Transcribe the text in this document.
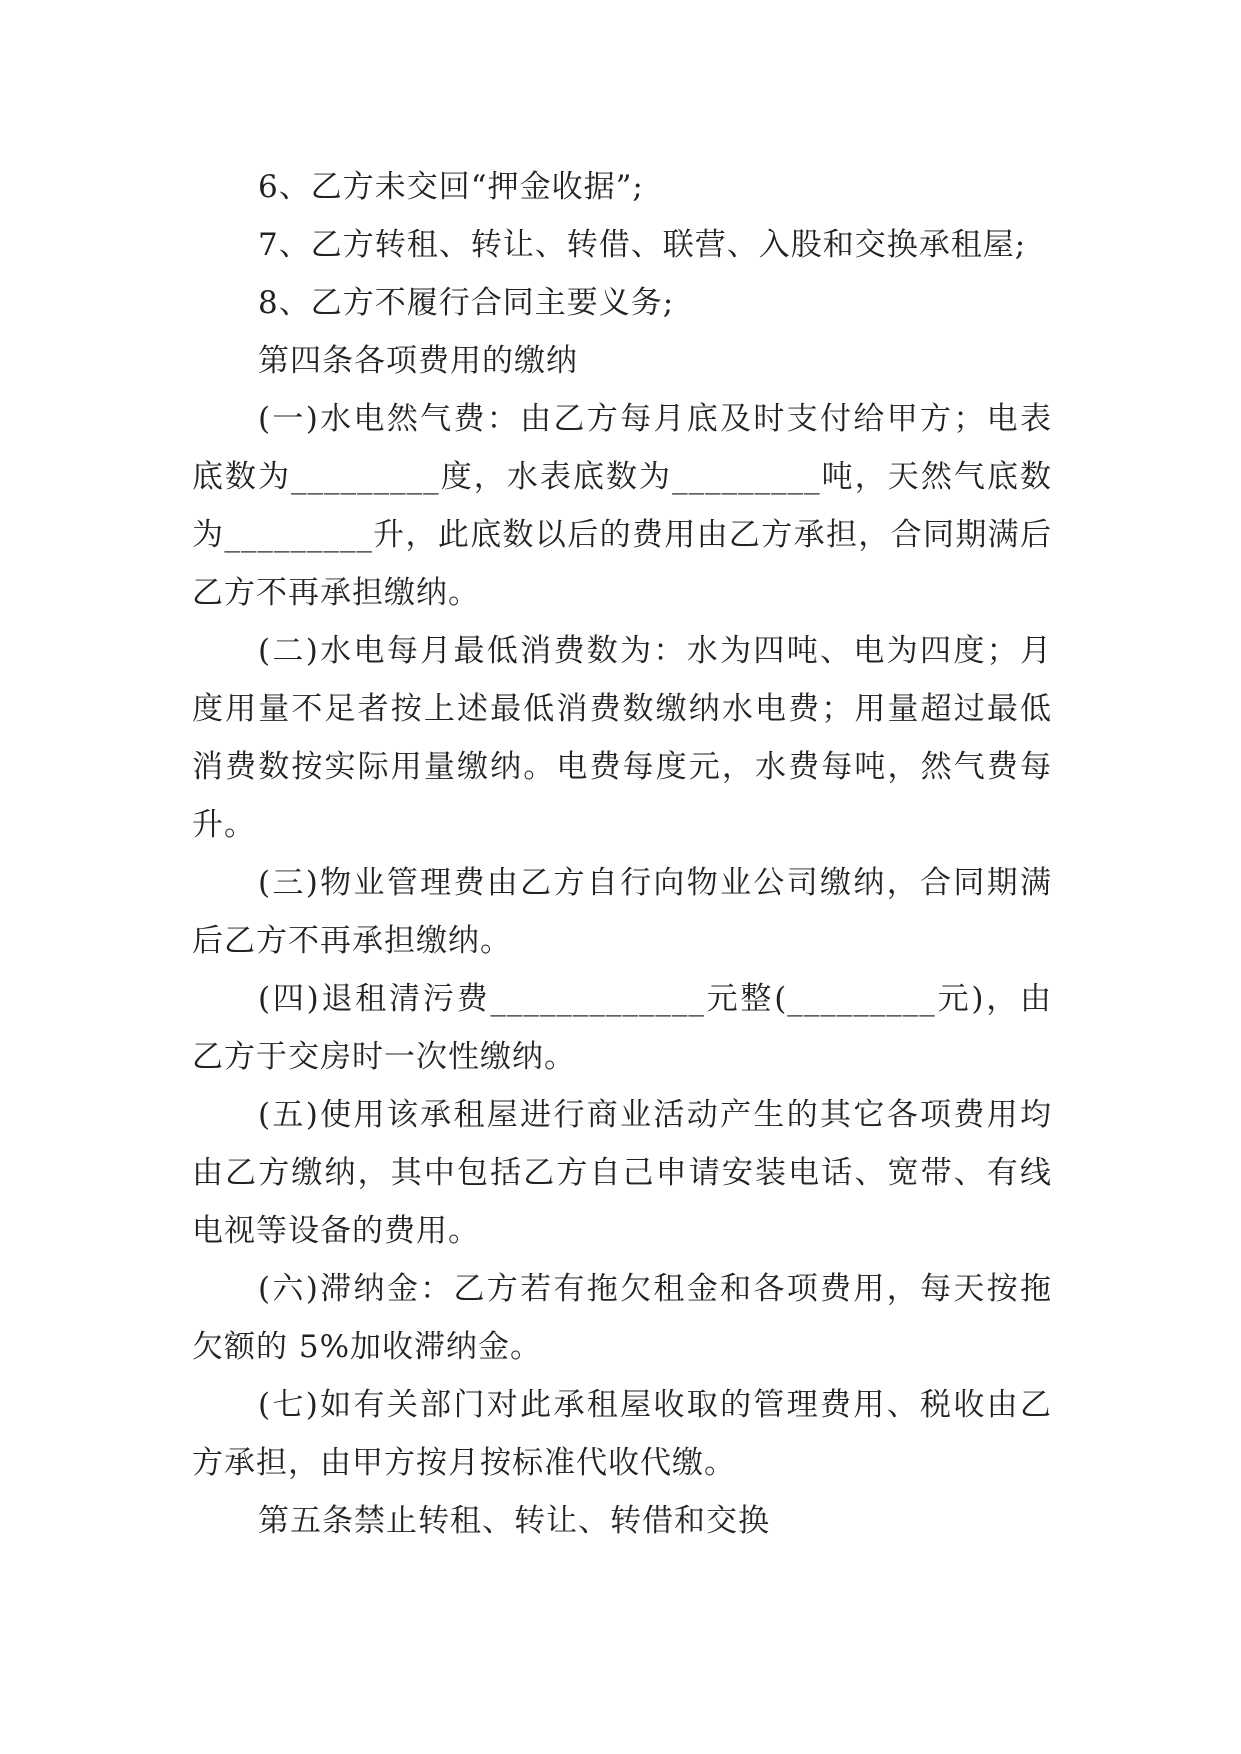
6、乙方未交回“押金收据”;

7、乙方转租、转让、转借、联营、入股和交换承租屋;

8、乙方不履行合同主要义务;

第四条各项费用的缴纳

(一)水电然气费：由乙方每月底及时支付给甲方；电表底数为_________度，水表底数为_________吨，天然气底数为_________升，此底数以后的费用由乙方承担，合同期满后乙方不再承担缴纳。

(二)水电每月最低消费数为：水为四吨、电为四度；月度用量不足者按上述最低消费数缴纳水电费；用量超过最低消费数按实际用量缴纳。电费每度元，水费每吨，然气费每升。

(三)物业管理费由乙方自行向物业公司缴纳，合同期满后乙方不再承担缴纳。

(四)退租清污费_____________元整(_________元)，由乙方于交房时一次性缴纳。

(五)使用该承租屋进行商业活动产生的其它各项费用均由乙方缴纳，其中包括乙方自己申请安装电话、宽带、有线电视等设备的费用。

(六)滞纳金：乙方若有拖欠租金和各项费用，每天按拖欠额的 5%加收滞纳金。

(七)如有关部门对此承租屋收取的管理费用、税收由乙方承担，由甲方按月按标准代收代缴。

第五条禁止转租、转让、转借和交换
